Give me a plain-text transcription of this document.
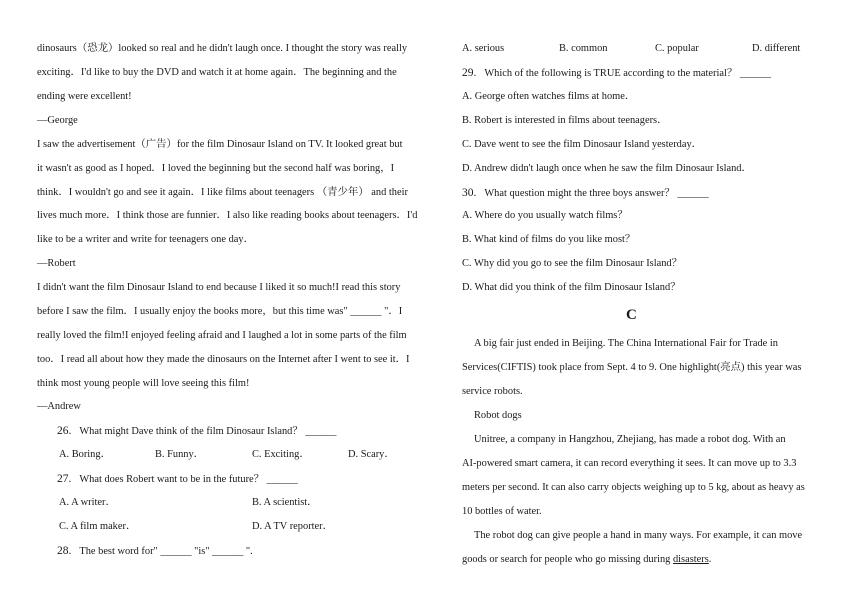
dinosaurs（恐龙）looked so real and he didn't laugh once. I thought the story was really
exciting．I'd like to buy the DVD and watch it at home again．The beginning and the
ending were excellent!
—George
I saw the advertisement（广告）for the film Dinosaur Island on TV. It looked great but
it wasn't as good as I hoped．I loved the beginning but the second half was boring，I
think．I wouldn't go and see it again．I like films about teenagers （青少年） and their
lives much more．I think those are funnier．I also like reading books about teenagers．I'd
like to be a writer and write for teenagers one day．
—Robert
I didn't want the film Dinosaur Island to end because I liked it so much!I read this story
before I saw the film．I usually enjoy the books more，but this time was" ______ "．I
really loved the film!I enjoyed feeling afraid and I laughed a lot in some parts of the film
too．I read all about how they made the dinosaurs on the Internet after I went to see it．I
think most young people will love seeing this film!
—Andrew
26. What might Dave think of the film Dinosaur Island？ ______
A. Boring．	B. Funny．	C. Exciting．	D. Scary．
27. What does Robert want to be in the future？ ______
A. A writer．	B. A scientist．
C. A film maker．	D. A TV reporter．
28. The best word for" ______ "is" ______ ".
A. serious	B. common	C. popular	D. different
29. Which of the following is TRUE according to the material？ ______
A. George often watches films at home．
B. Robert is interested in films about teenagers．
C. Dave went to see the film Dinosaur Island yesterday．
D. Andrew didn't laugh once when he saw the film Dinosaur Island．
30. What question might the three boys answer？ ______
A. Where do you usually watch films？
B. What kind of films do you like most？
C. Why did you go to see the film Dinosaur Island？
D. What did you think of the film Dinosaur Island？
C
A big fair just ended in Beijing. The China International Fair for Trade in
Services(CIFTIS) took place from Sept. 4 to 9. One highlight(亮点) this year was
service robots.
Robot dogs
Unitree, a company in Hangzhou, Zhejiang, has made a robot dog. With an
AI-powered smart camera, it can record everything it sees. It can move up to 3.3
meters per second. It can also carry objects weighing up to 5 kg, about as heavy as
10 bottles of water.
The robot dog can give people a hand in many ways. For example, it can move
goods or search for people who go missing during disasters.
